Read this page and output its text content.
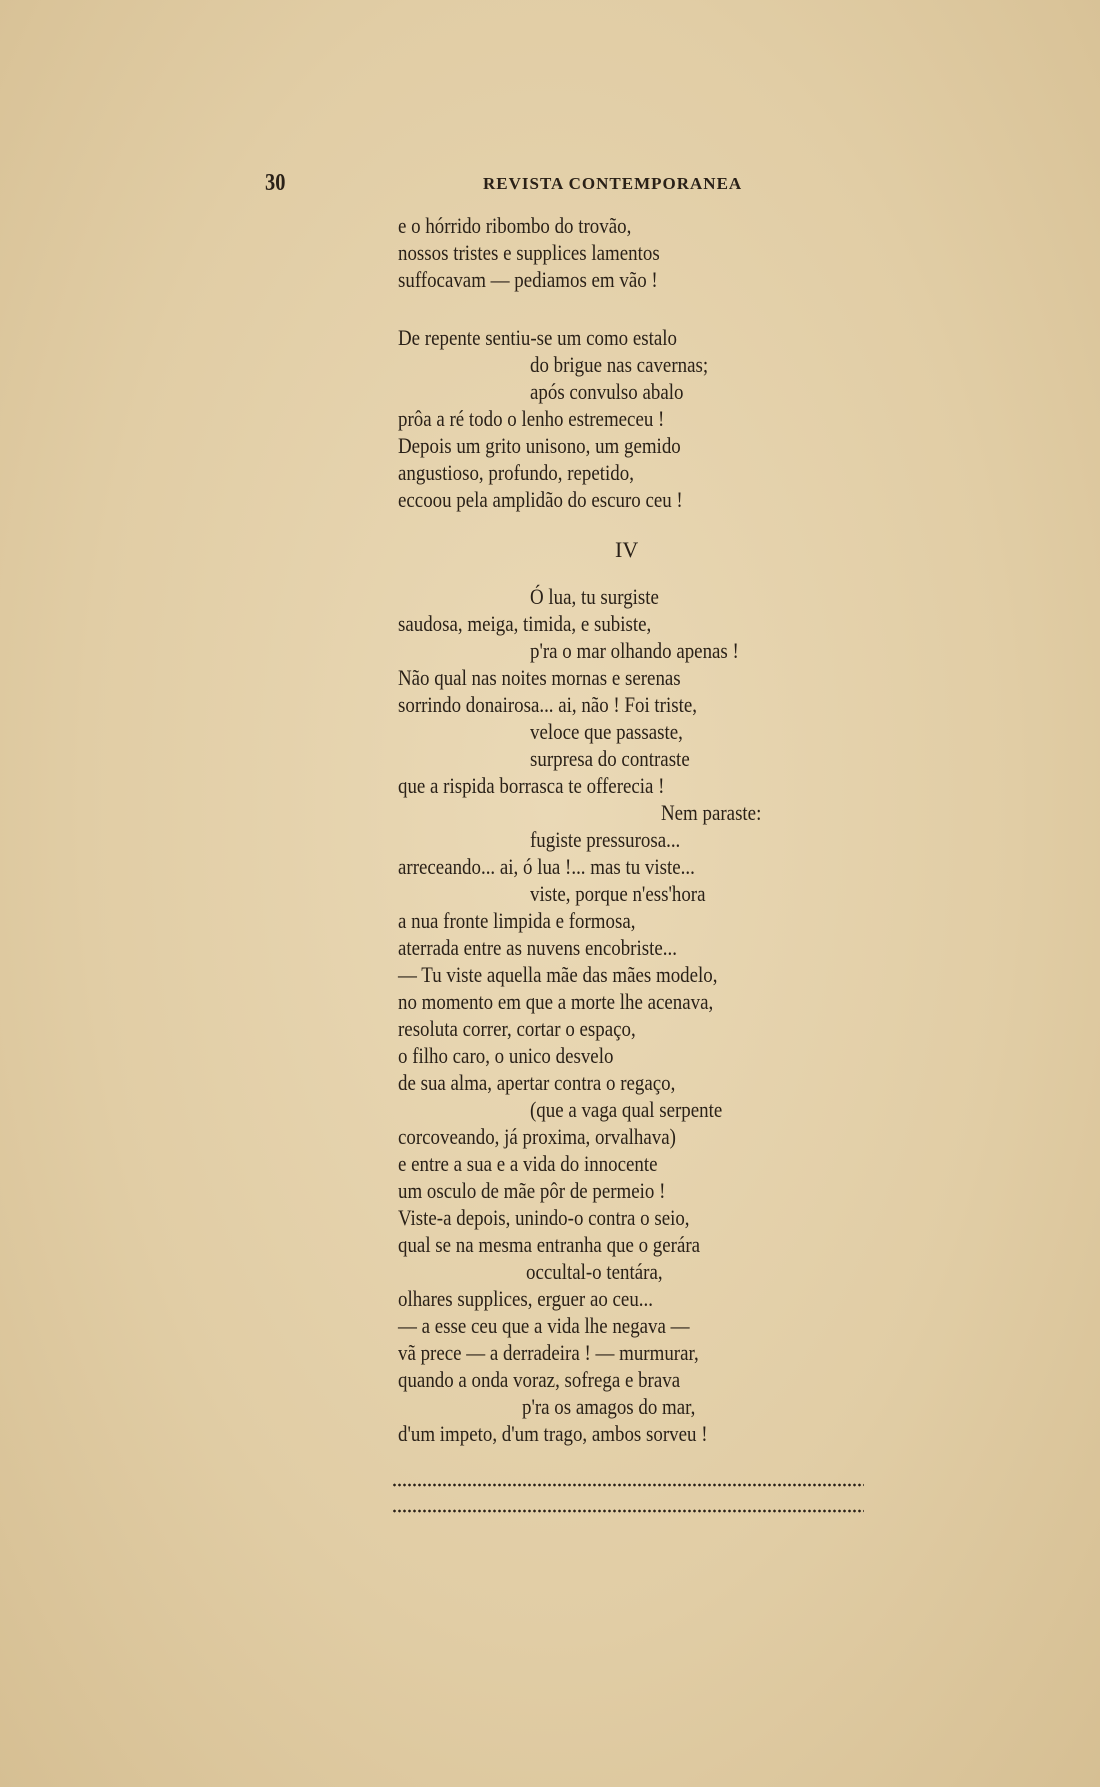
30	REVISTA CONTEMPORANEA
e o hórrido ribombo do trovão,
nossos tristes e supplices lamentos
suffocavam — pediamos em vão !
De repente sentiu-se um como estalo
do brigue nas cavernas;
após convulso abalo
prôa a ré todo o lenho estremeceu !
Depois um grito unisono, um gemido
angustioso, profundo, repetido,
eccoou pela amplidão do escuro ceu !
IV
Ó lua, tu surgiste
saudosa, meiga, timida, e subiste,
p'ra o mar olhando apenas !
Não qual nas noites mornas e serenas
sorrindo donairosa... ai, não ! Foi triste,
veloce que passaste,
surpresa do contraste
que a rispida borrasca te offerecia !
Nem paraste:
fugiste pressurosa...
arreceando... ai, ó lua !... mas tu viste...
viste, porque n'ess'hora
a nua fronte limpida e formosa,
aterrada entre as nuvens encobriste...
— Tu viste aquella mãe das mães modelo,
no momento em que a morte lhe acenava,
resoluta correr, cortar o espaço,
o filho caro, o unico desvelo
de sua alma, apertar contra o regaço,
(que a vaga qual serpente
corcoveando, já proxima, orvalhava)
e entre a sua e a vida do innocente
um osculo de mãe pôr de permeio !
Viste-a depois, unindo-o contra o seio,
qual se na mesma entranha que o gerára
occultal-o tentára,
olhares supplices, erguer ao ceu...
— a esse ceu que a vida lhe negava —
vã prece — a derradeira ! — murmurar,
quando a onda voraz, sofrega e brava
p'ra os amagos do mar,
d'um impeto, d'um trago, ambos sorveu !
